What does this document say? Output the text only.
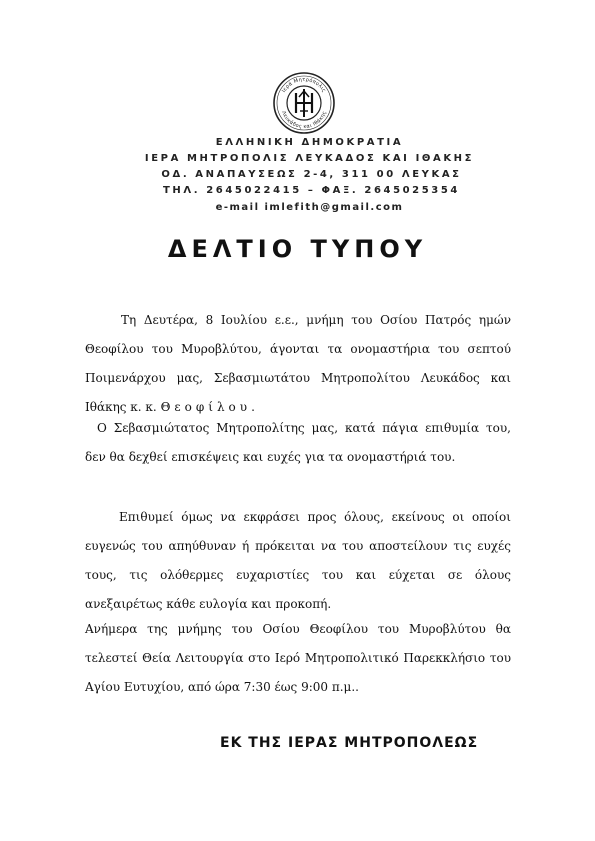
Ιερά Μητρόπολις
Λευκάδος και Ιθάκης
ΕΛΛΗΝΙΚΗ ΔΗΜΟΚΡΑΤΙΑ
ΙΕΡΑ ΜΗΤΡΟΠΟΛΙΣ ΛΕΥΚΑΔΟΣ ΚΑΙ ΙΘΑΚΗΣ
ΟΔ. ΑΝΑΠΑΥΣΕΩΣ 2-4, 311 00 ΛΕΥΚΑΣ
ΤΗΛ. 2645022415 – ΦΑΞ. 2645025354
e-mail imlefith@gmail.com
ΔΕΛΤΙΟ ΤΥΠΟΥ

Τη Δευτέρα, 8 Ιουλίου ε.ε., μνήμη του Οσίου Πατρός ημών Θεοφίλου του Μυροβλύτου, άγονται τα ονομαστήρια του σεπτού Ποιμενάρχου μας, Σεβασμιωτάτου Μητροπολίτου Λευκάδος και Ιθάκης κ. κ. Θεοφίλου.

Ο Σεβασμιώτατος Μητροπολίτης μας, κατά πάγια επιθυμία του, δεν θα δεχθεί επισκέψεις και ευχές για τα ονομαστήριά του.

Επιθυμεί όμως να εκφράσει προς όλους, εκείνους οι οποίοι ευγενώς του απηύθυναν ή πρόκειται να του αποστείλουν τις ευχές τους, τις ολόθερμες ευχαριστίες του και εύχεται σε όλους ανεξαιρέτως κάθε ευλογία και προκοπή.

Ανήμερα της μνήμης του Οσίου Θεοφίλου του Μυροβλύτου θα τελεστεί Θεία Λειτουργία στο Ιερό Μητροπολιτικό Παρεκκλήσιο του Αγίου Ευτυχίου, από ώρα 7:30 έως 9:00 π.μ..

ΕΚ ΤΗΣ ΙΕΡΑΣ ΜΗΤΡΟΠΟΛΕΩΣ
